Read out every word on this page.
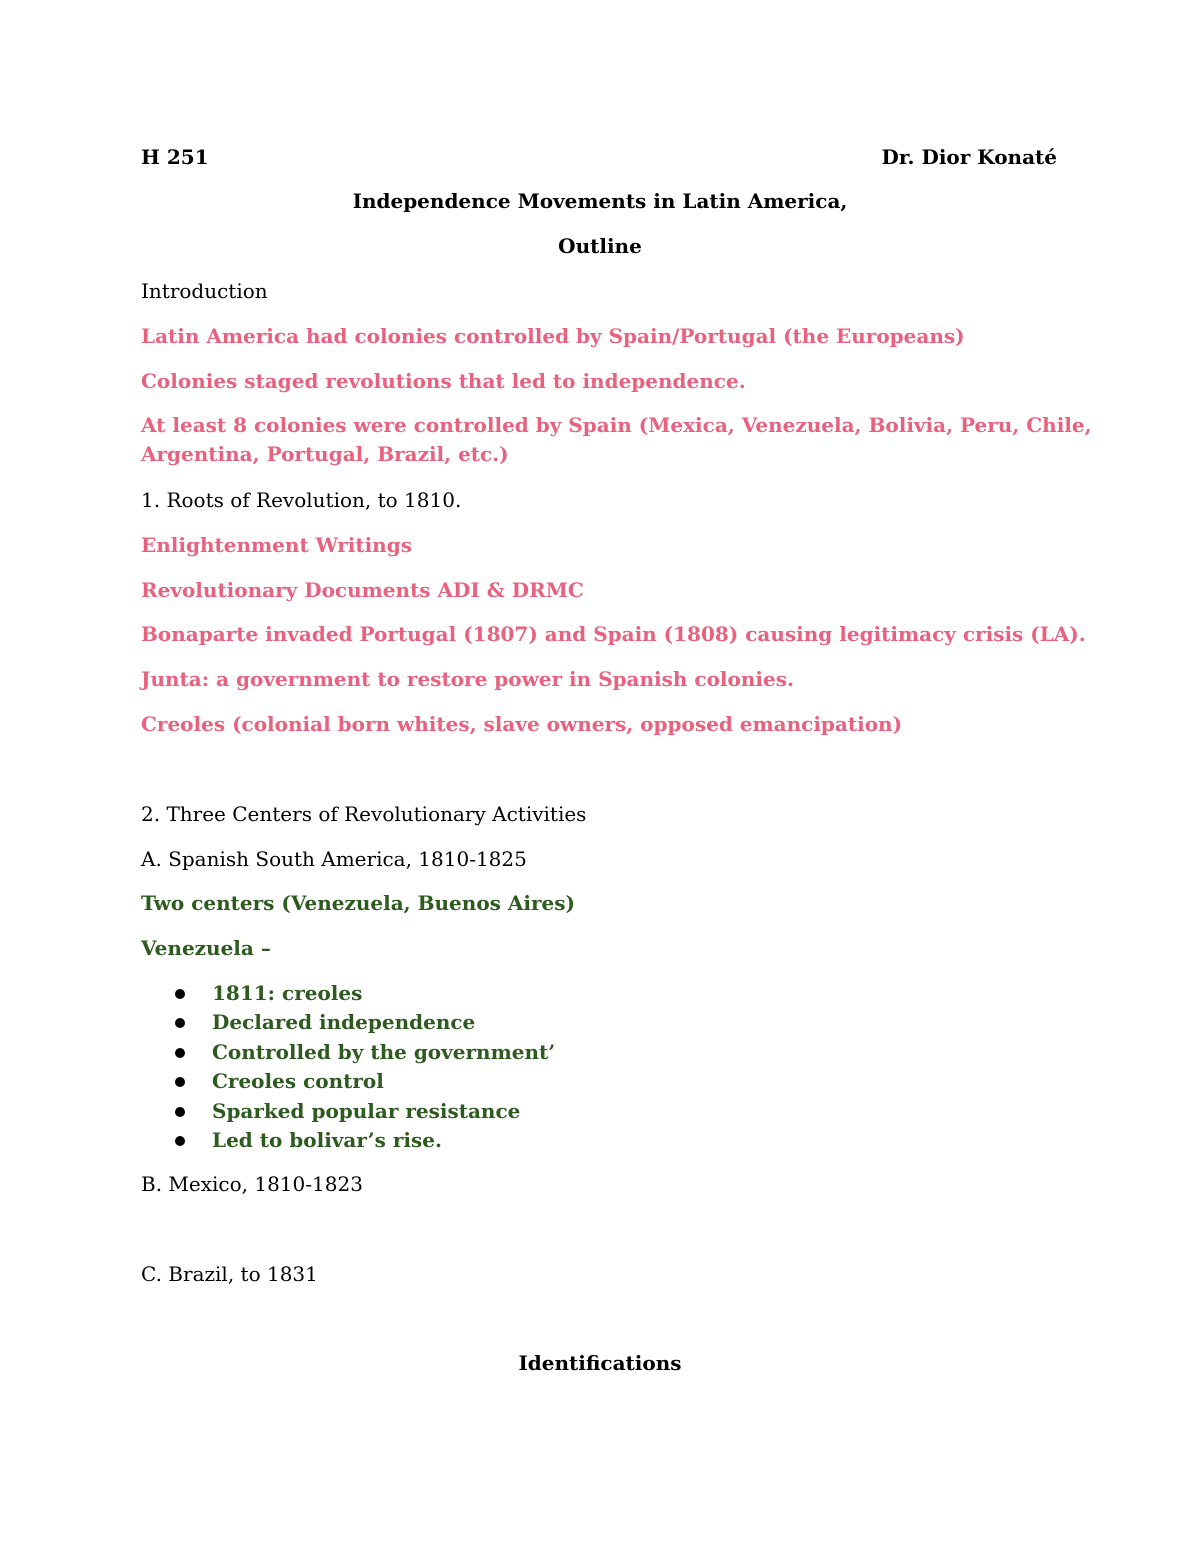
H 251	Dr. Dior Konaté
Independence Movements in Latin America,
Outline
Introduction
Latin America had colonies controlled by Spain/Portugal (the Europeans)
Colonies staged revolutions that led to independence.
At least 8 colonies were controlled by Spain (Mexica, Venezuela, Bolivia, Peru, Chile,
Argentina, Portugal, Brazil, etc.)
1. Roots of Revolution, to 1810.
Enlightenment Writings
Revolutionary Documents ADI & DRMC
Bonaparte invaded Portugal (1807) and Spain (1808) causing legitimacy crisis (LA).
Junta: a government to restore power in Spanish colonies.
Creoles (colonial born whites, slave owners, opposed emancipation)
2. Three Centers of Revolutionary Activities
A. Spanish South America, 1810-1825
Two centers (Venezuela, Buenos Aires)
Venezuela –
1811: creoles
Declared independence
Controlled by the government’
Creoles control
Sparked popular resistance
Led to bolivar’s rise.
B. Mexico, 1810-1823
C. Brazil, to 1831
Identifications
